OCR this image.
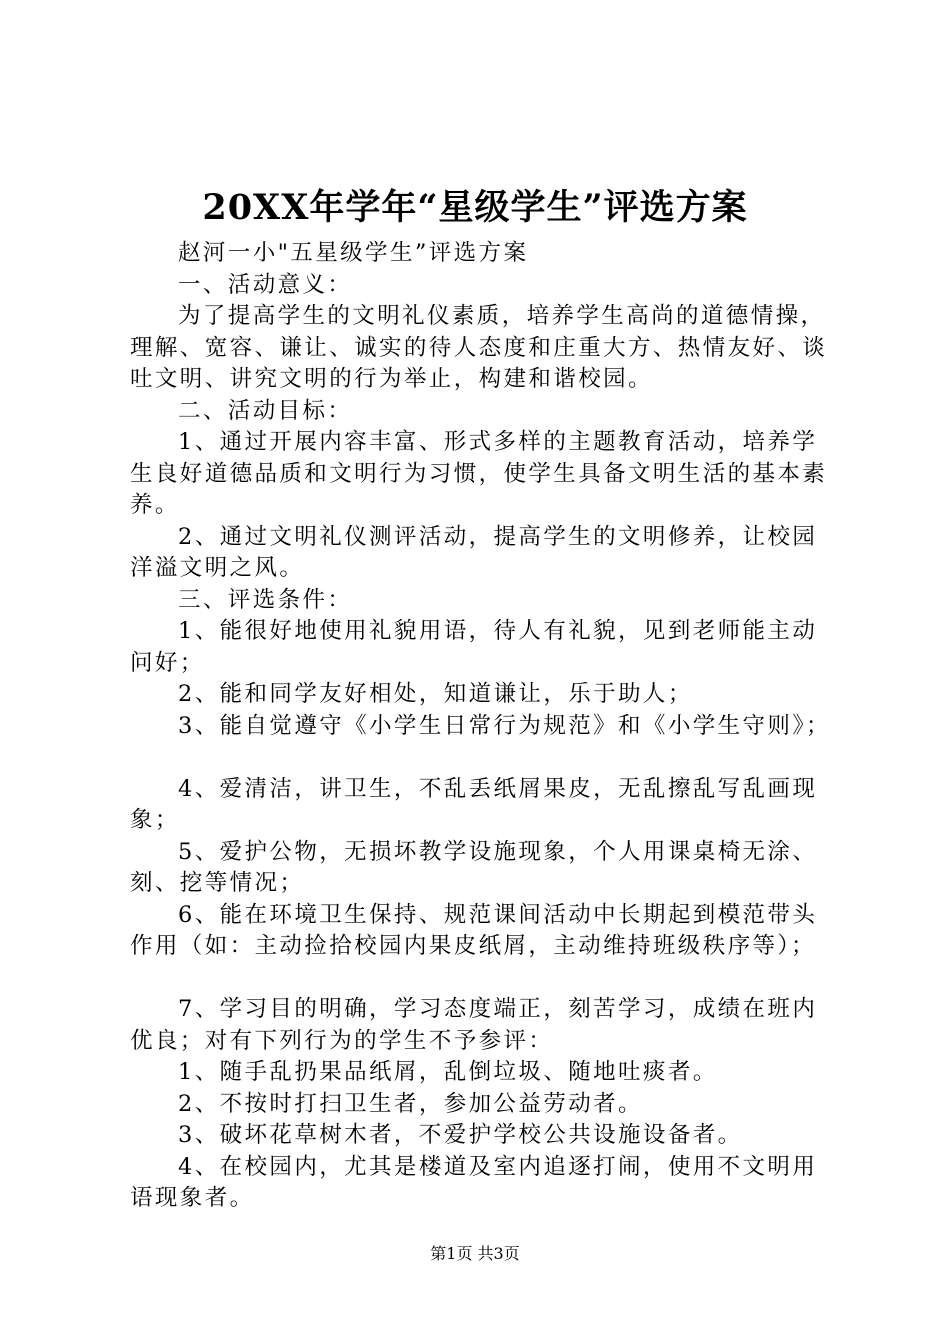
20XX年学年“星级学生”评选方案

赵河一小"五星级学生”评选方案

一、活动意义：

为了提高学生的文明礼仪素质，培养学生高尚的道德情操，理解、宽容、谦让、诚实的待人态度和庄重大方、热情友好、谈吐文明、讲究文明的行为举止，构建和谐校园。

二、活动目标：

1、通过开展内容丰富、形式多样的主题教育活动，培养学生良好道德品质和文明行为习惯，使学生具备文明生活的基本素养。

2、通过文明礼仪测评活动，提高学生的文明修养，让校园洋溢文明之风。

三、评选条件：

1、能很好地使用礼貌用语，待人有礼貌，见到老师能主动问好；

2、能和同学友好相处，知道谦让，乐于助人；

3、能自觉遵守《小学生日常行为规范》和《小学生守则》；

4、爱清洁，讲卫生，不乱丢纸屑果皮，无乱擦乱写乱画现象；

5、爱护公物，无损坏教学设施现象，个人用课桌椅无涂、刻、挖等情况；

6、能在环境卫生保持、规范课间活动中长期起到模范带头作用（如：主动捡拾校园内果皮纸屑，主动维持班级秩序等）；

7、学习目的明确，学习态度端正，刻苦学习，成绩在班内优良；对有下列行为的学生不予参评：

1、随手乱扔果品纸屑，乱倒垃圾、随地吐痰者。

2、不按时打扫卫生者，参加公益劳动者。

3、破坏花草树木者，不爱护学校公共设施设备者。

4、在校园内，尤其是楼道及室内追逐打闹，使用不文明用语现象者。

第1页 共3页
